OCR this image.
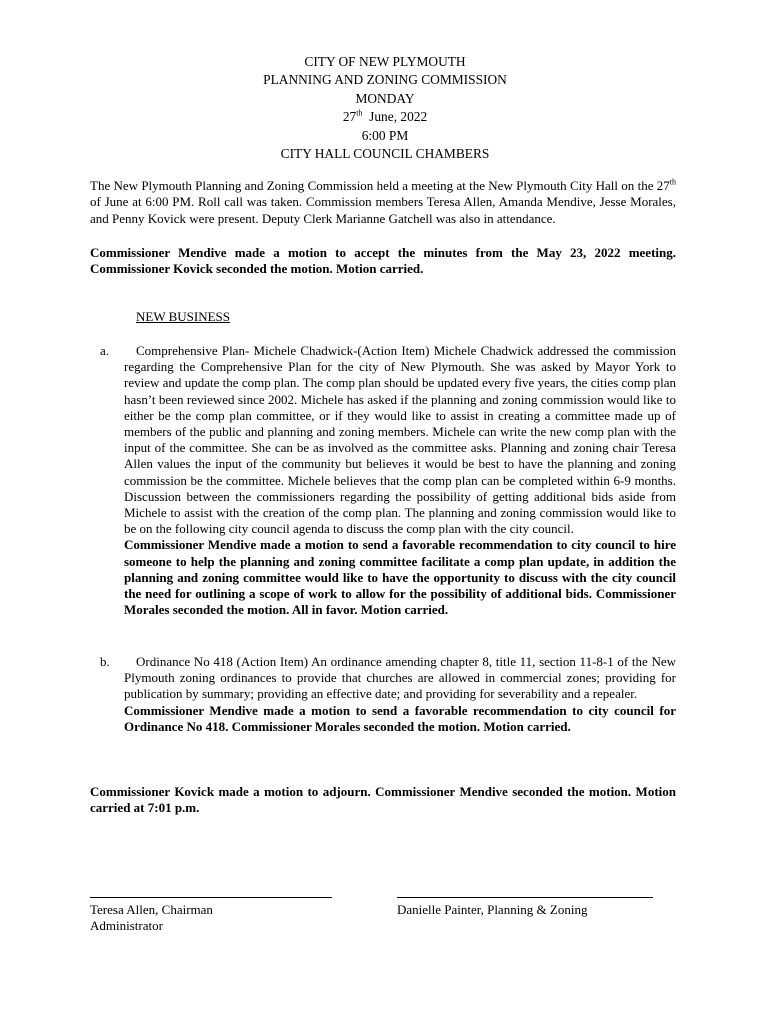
CITY OF NEW PLYMOUTH
PLANNING AND ZONING COMMISSION
MONDAY
27th  June, 2022
6:00 PM
CITY HALL COUNCIL CHAMBERS
The New Plymouth Planning and Zoning Commission held a meeting at the New Plymouth City Hall on the 27th  of June at 6:00 PM. Roll call was taken. Commission members Teresa Allen, Amanda Mendive, Jesse Morales, and Penny Kovick were present. Deputy Clerk Marianne Gatchell was also in attendance.
Commissioner Mendive made a motion to accept the minutes from the May 23, 2022 meeting. Commissioner Kovick seconded the motion. Motion carried.
NEW BUSINESS
a.	Comprehensive Plan- Michele Chadwick-(Action Item) Michele Chadwick addressed the commission regarding the Comprehensive Plan for the city of New Plymouth. She was asked by Mayor York to review and update the comp plan. The comp plan should be updated every five years, the cities comp plan hasn’t been reviewed since 2002. Michele has asked if the planning and zoning commission would like to either be the comp plan committee, or if they would like to assist in creating a committee made up of members of the public and planning and zoning members. Michele can write the new comp plan with the input of the committee. She can be as involved as the committee asks. Planning and zoning chair Teresa Allen values the input of the community but believes it would be best to have the planning and zoning commission be the committee. Michele believes that the comp plan can be completed within 6-9 months. Discussion between the commissioners regarding the possibility of getting additional bids aside from Michele to assist with the creation of the comp plan. The planning and zoning commission would like to be on the following city council agenda to discuss the comp plan with the city council.
Commissioner Mendive made a motion to send a favorable recommendation to city council to hire someone to help the planning and zoning committee facilitate a comp plan update, in addition the planning and zoning committee would like to have the opportunity to discuss with the city council the need for outlining a scope of work to allow for the possibility of additional bids. Commissioner Morales seconded the motion. All in favor. Motion carried.
b.	Ordinance No 418 (Action Item) An ordinance amending chapter 8, title 11, section 11-8-1 of the New Plymouth zoning ordinances to provide that churches are allowed in commercial zones; providing for publication by summary; providing an effective date; and providing for severability and a repealer.
Commissioner Mendive made a motion to send a favorable recommendation to city council for Ordinance No 418. Commissioner Morales seconded the motion. Motion carried.
Commissioner Kovick made a motion to adjourn. Commissioner Mendive seconded the motion. Motion carried at 7:01 p.m.
Teresa Allen, Chairman
Administrator
Danielle Painter, Planning & Zoning
